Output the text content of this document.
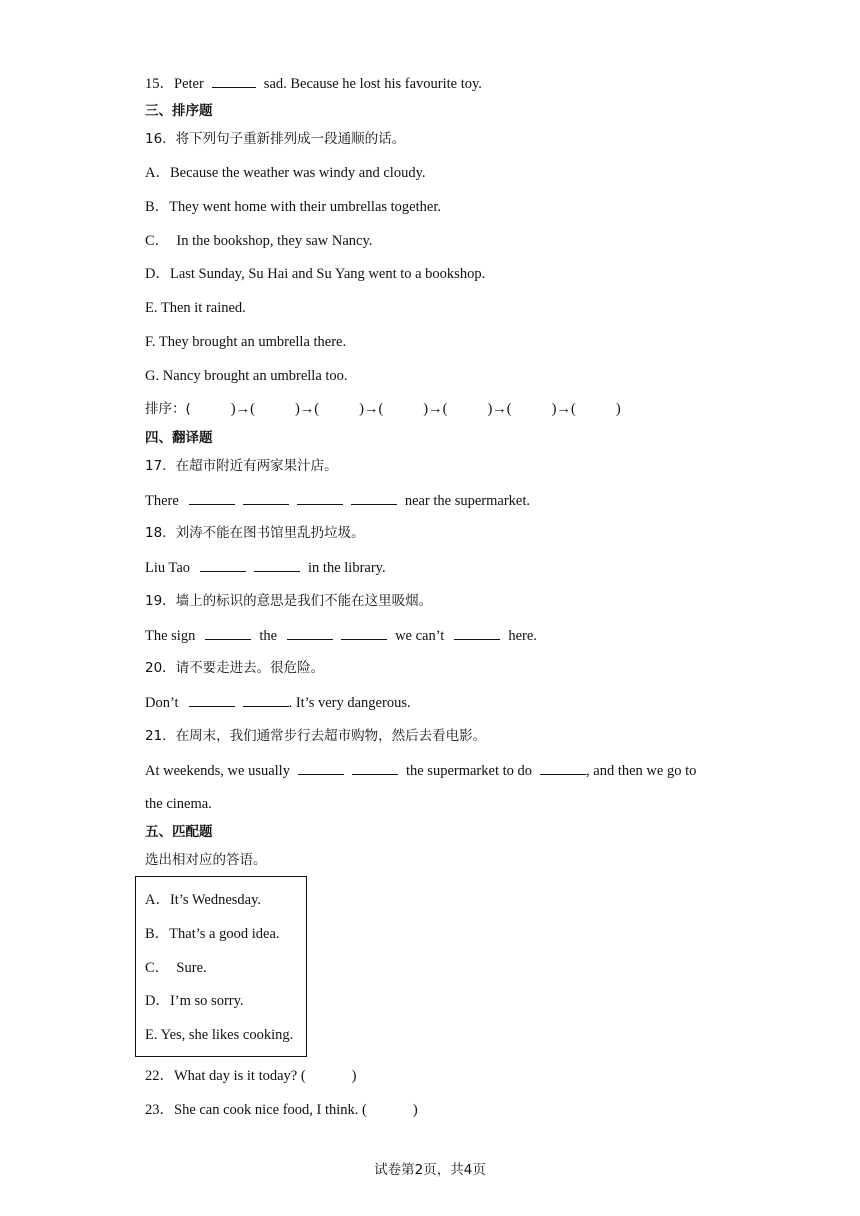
15．Peter	sad. Because he lost his favourite toy.
三、排序题
16．将下列句子重新排列成一段通顺的话。
A．Because the weather was windy and cloudy.
B．They went home with their umbrellas together.
C．  In the bookshop, they saw Nancy.
D．Last Sunday, Su Hai and Su Yang went to a bookshop.
E. Then it rained.
F. They brought an umbrella there.
G. Nancy brought an umbrella too.
排序：(	)→(	)→(	)→(	)→(	)→(	)→(	)
四、翻译题
17．在超市附近有两家果汁店。
There	near the supermarket.
18．刘涛不能在图书馆里乱扔垃圾。
Liu Tao	in the library.
19．墙上的标识的意思是我们不能在这里吸烟。
The sign	the	we can’t	here.
20．请不要走进去。很危险。
Don’t	. It’s very dangerous.
21．在周末，我们通常步行去超市购物，然后去看电影。
At weekends, we usually	the supermarket to do	, and then we go to
the cinema.
五、匹配题
选出相对应的答语。
A．It’s Wednesday.
B．That’s a good idea.
C．  Sure.
D．I’m so sorry.
E. Yes, she likes cooking.
22．What day is it today? (	)
23．She can cook nice food, I think. (	)
试卷第2页，共4页
